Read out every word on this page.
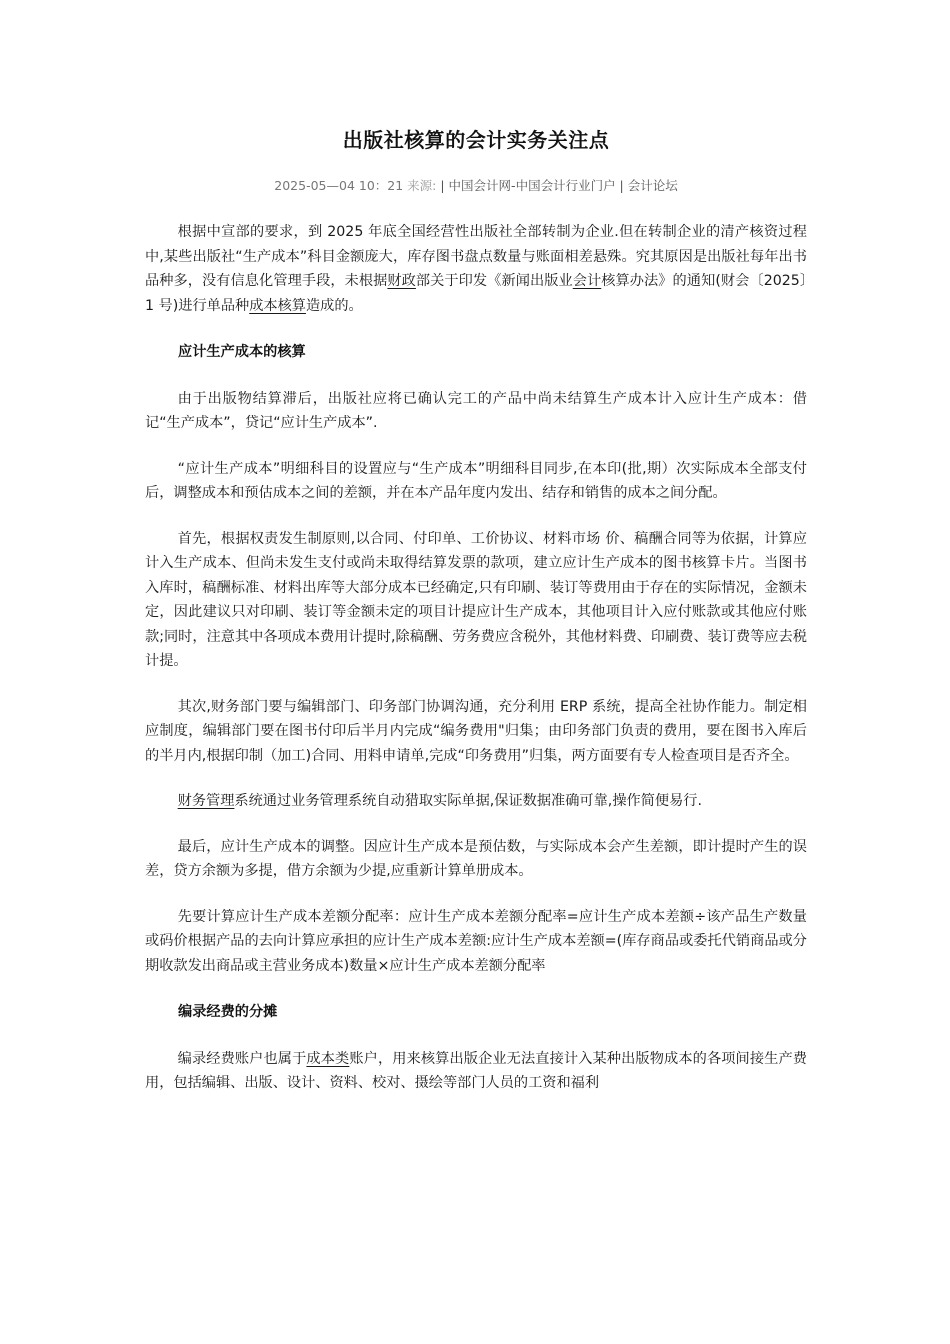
出版社核算的会计实务关注点
2025-05—04 10：21 来源: | 中国会计网-中国会计行业门户 | 会计论坛

根据中宣部的要求，到 2025 年底全国经营性出版社全部转制为企业.但在转制企业的清产核资过程中,某些出版社“生产成本”科目金额庞大，库存图书盘点数量与账面相差悬殊。究其原因是出版社每年出书品种多，没有信息化管理手段，未根据财政部关于印发《新闻出版业会计核算办法》的通知(财会〔2025〕1 号)进行单品种成本核算造成的。

应计生产成本的核算

由于出版物结算滞后，出版社应将已确认完工的产品中尚未结算生产成本计入应计生产成本：借记“生产成本”，贷记“应计生产成本”.

“应计生产成本”明细科目的设置应与“生产成本”明细科目同步,在本印(批,期）次实际成本全部支付后，调整成本和预估成本之间的差额，并在本产品年度内发出、结存和销售的成本之间分配。

首先，根据权责发生制原则,以合同、付印单、工价协议、材料市场 价、稿酬合同等为依据，计算应计入生产成本、但尚未发生支付或尚未取得结算发票的款项，建立应计生产成本的图书核算卡片。当图书入库时，稿酬标准、材料出库等大部分成本已经确定,只有印刷、装订等费用由于存在的实际情况，金额未定，因此建议只对印刷、装订等金额未定的项目计提应计生产成本，其他项目计入应付账款或其他应付账款;同时，注意其中各项成本费用计提时,除稿酬、劳务费应含税外，其他材料费、印刷费、装订费等应去税计提。

其次,财务部门要与编辑部门、印务部门协调沟通，充分利用 ERP 系统，提高全社协作能力。制定相应制度，编辑部门要在图书付印后半月内完成“编务费用"归集；由印务部门负责的费用，要在图书入库后的半月内,根据印制（加工)合同、用料申请单,完成“印务费用”归集，两方面要有专人检查项目是否齐全。

财务管理系统通过业务管理系统自动猎取实际单据,保证数据准确可靠,操作简便易行.

最后，应计生产成本的调整。因应计生产成本是预估数，与实际成本会产生差额，即计提时产生的误差，贷方余额为多提，借方余额为少提,应重新计算单册成本。

先要计算应计生产成本差额分配率：应计生产成本差额分配率=应计生产成本差额÷该产品生产数量或码价根据产品的去向计算应承担的应计生产成本差额:应计生产成本差额=(库存商品或委托代销商品或分期收款发出商品或主营业务成本)数量×应计生产成本差额分配率

编录经费的分摊

编录经费账户也属于成本类账户，用来核算出版企业无法直接计入某种出版物成本的各项间接生产费用，包括编辑、出版、设计、资料、校对、摄绘等部门人员的工资和福利
